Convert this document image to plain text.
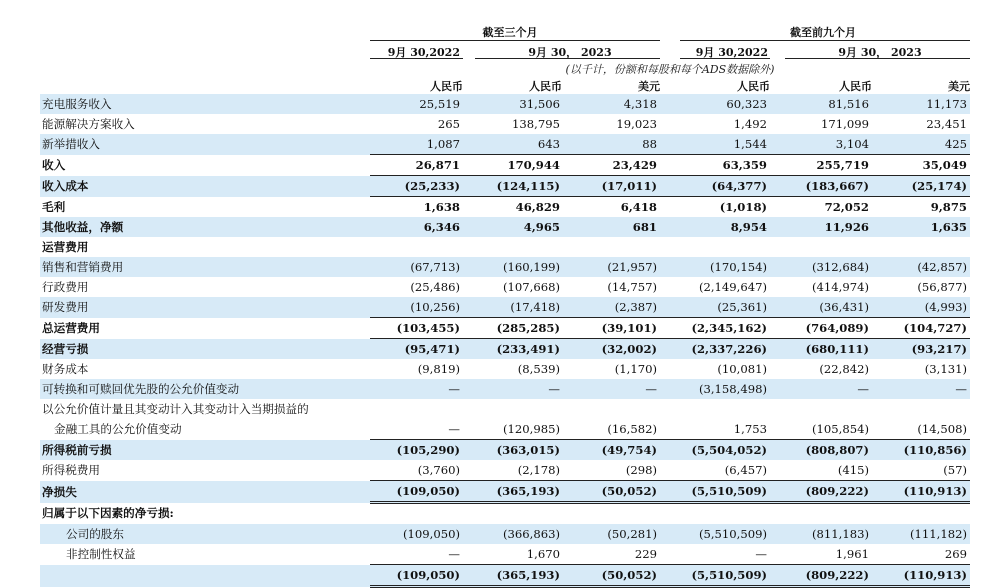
截至三个月	截至前九个月
9月 30,2022	9月 30， 2023	9月 30,2022	9月 30， 2023
(以千计，份额和每股和每个ADS数据除外)
人民币	人民币	美元	人民币	人民币	美元
充电服务收入	25,519	31,506	4,318	60,323	81,516	11,173
能源解决方案收入	265	138,795	19,023	1,492	171,099	23,451
新举措收入	1,087	643	88	1,544	3,104	425
收入	26,871	170,944	23,429	63,359	255,719	35,049
收入成本	(25,233)	(124,115)	(17,011)	(64,377)	(183,667)	(25,174)
毛利	1,638	46,829	6,418	(1,018)	72,052	9,875
其他收益，净额	6,346	4,965	681	8,954	11,926	1,635
运营费用						
销售和营销费用	(67,713)	(160,199)	(21,957)	(170,154)	(312,684)	(42,857)
行政费用	(25,486)	(107,668)	(14,757)	(2,149,647)	(414,974)	(56,877)
研发费用	(10,256)	(17,418)	(2,387)	(25,361)	(36,431)	(4,993)
总运营费用	(103,455)	(285,285)	(39,101)	(2,345,162)	(764,089)	(104,727)
经营亏损	(95,471)	(233,491)	(32,002)	(2,337,226)	(680,111)	(93,217)
财务成本	(9,819)	(8,539)	(1,170)	(10,081)	(22,842)	(3,131)
可转换和可赎回优先股的公允价值变动	—	—	—	(3,158,498)	—	—
以公允价值计量且其变动计入其变动计入当期损益的						
金融工具的公允价值变动	—	(120,985)	(16,582)	1,753	(105,854)	(14,508)
所得税前亏损	(105,290)	(363,015)	(49,754)	(5,504,052)	(808,807)	(110,856)
所得税费用	(3,760)	(2,178)	(298)	(6,457)	(415)	(57)
净损失	(109,050)	(365,193)	(50,052)	(5,510,509)	(809,222)	(110,913)
归属于以下因素的净亏损:						
公司的股东	(109,050)	(366,863)	(50,281)	(5,510,509)	(811,183)	(111,182)
非控制性权益	—	1,670	229	—	1,961	269
	(109,050)	(365,193)	(50,052)	(5,510,509)	(809,222)	(110,913)
